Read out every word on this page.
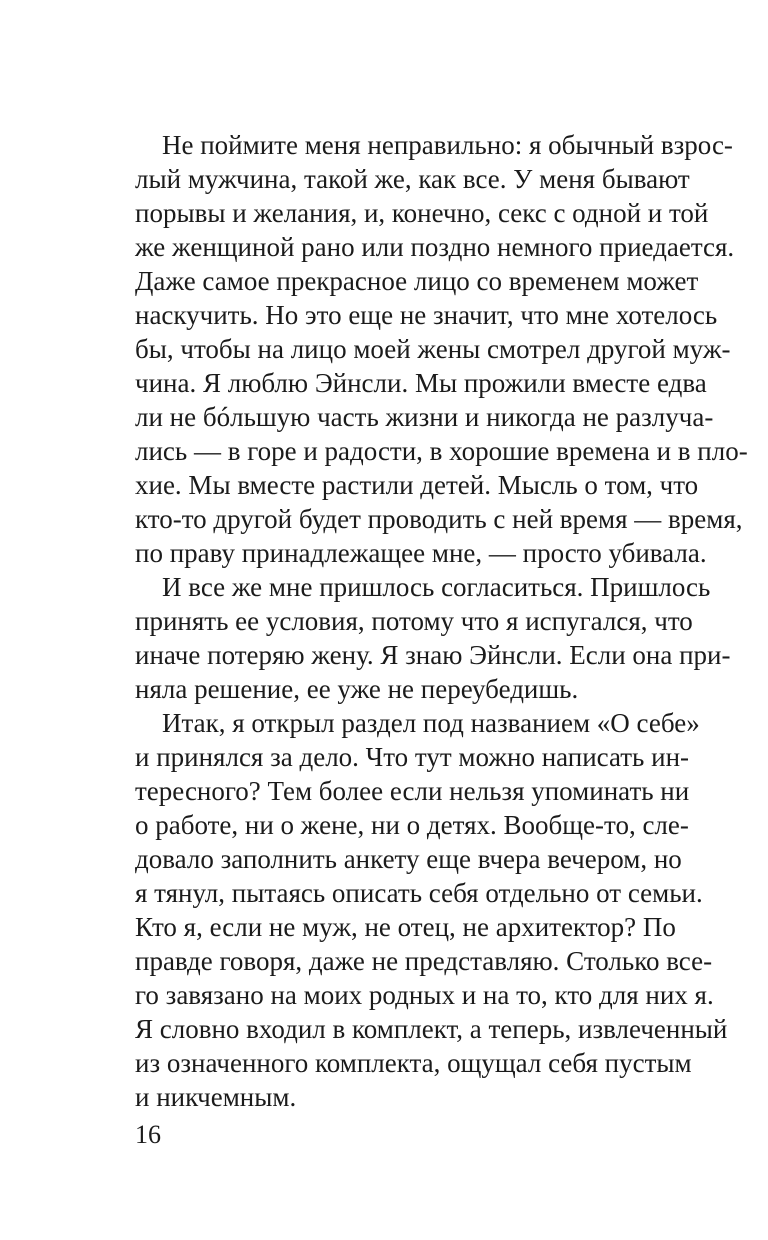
Не поймите меня неправильно: я обычный взрос-
лый мужчина, такой же, как все. У меня бывают
порывы и желания, и, конечно, секс с одной и той
же женщиной рано или поздно немного приедается.
Даже самое прекрасное лицо со временем может
наскучить. Но это еще не значит, что мне хотелось
бы, чтобы на лицо моей жены смотрел другой муж-
чина. Я люблю Эйнсли. Мы прожили вместе едва
ли не бóльшую часть жизни и никогда не разлуча-
лись — в горе и радости, в хорошие времена и в пло-
хие. Мы вместе растили детей. Мысль о том, что
кто-то другой будет проводить с ней время — время,
по праву принадлежащее мне, — просто убивала.
И все же мне пришлось согласиться. Пришлось
принять ее условия, потому что я испугался, что
иначе потеряю жену. Я знаю Эйнсли. Если она при-
няла решение, ее уже не переубедишь.
Итак, я открыл раздел под названием «О себе»
и принялся за дело. Что тут можно написать ин-
тересного? Тем более если нельзя упоминать ни
о работе, ни о жене, ни о детях. Вообще-то, сле-
довало заполнить анкету еще вчера вечером, но
я тянул, пытаясь описать себя отдельно от семьи.
Кто я, если не муж, не отец, не архитектор? По
правде говоря, даже не представляю. Столько все-
го завязано на моих родных и на то, кто для них я.
Я словно входил в комплект, а теперь, извлеченный
из означенного комплекта, ощущал себя пустым
и никчемным.
16
